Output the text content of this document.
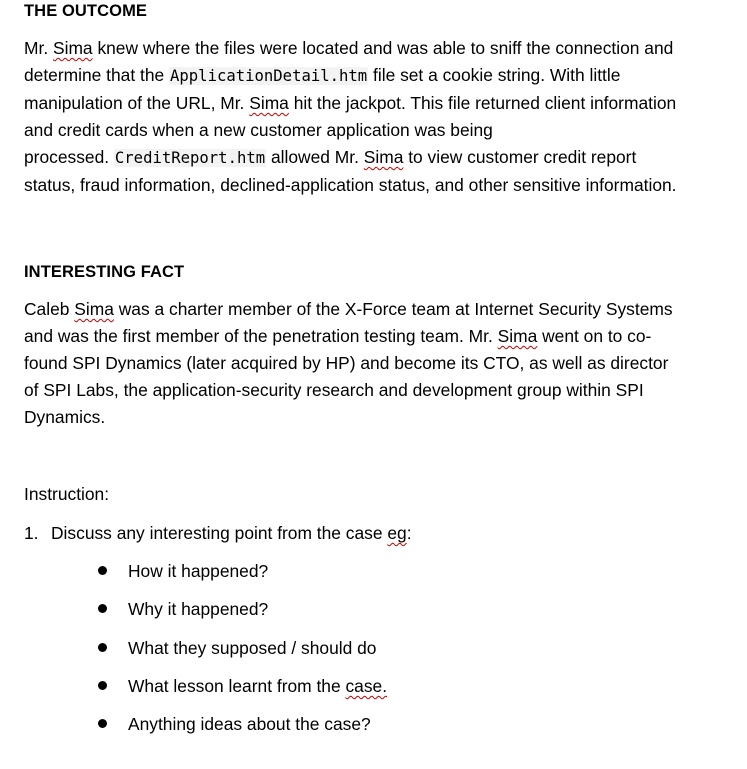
THE OUTCOME
Mr. Sima knew where the files were located and was able to sniff the connection and
determine that the ApplicationDetail.htm file set a cookie string. With little
manipulation of the URL, Mr. Sima hit the jackpot. This file returned client information
and credit cards when a new customer application was being
processed. CreditReport.htm allowed Mr. Sima to view customer credit report
status, fraud information, declined-application status, and other sensitive information.
INTERESTING FACT
Caleb Sima was a charter member of the X-Force team at Internet Security Systems
and was the first member of the penetration testing team. Mr. Sima went on to co-
found SPI Dynamics (later acquired by HP) and become its CTO, as well as director
of SPI Labs, the application-security research and development group within SPI
Dynamics.
Instruction:
1. Discuss any interesting point from the case eg:
How it happened?
Why it happened?
What they supposed / should do
What lesson learnt from the case.
Anything ideas about the case?
